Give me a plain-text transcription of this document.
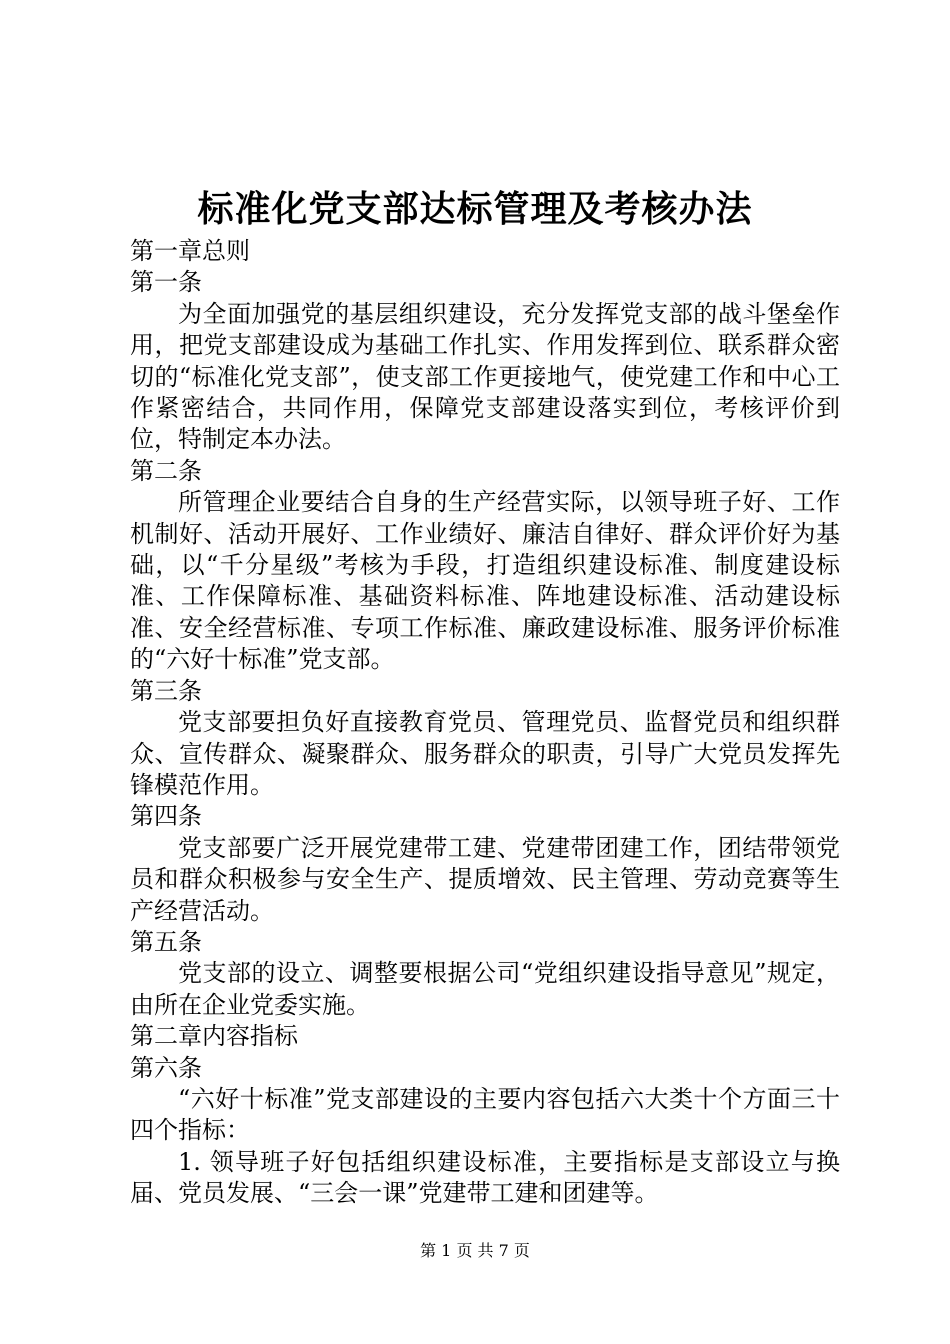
标准化党支部达标管理及考核办法

第一章总则

第一条

为全面加强党的基层组织建设，充分发挥党支部的战斗堡垒作用，把党支部建设成为基础工作扎实、作用发挥到位、联系群众密切的“标准化党支部”，使支部工作更接地气，使党建工作和中心工作紧密结合，共同作用，保障党支部建设落实到位，考核评价到位，特制定本办法。

第二条

所管理企业要结合自身的生产经营实际，以领导班子好、工作机制好、活动开展好、工作业绩好、廉洁自律好、群众评价好为基础，以“千分星级”考核为手段，打造组织建设标准、制度建设标准、工作保障标准、基础资料标准、阵地建设标准、活动建设标准、安全经营标准、专项工作标准、廉政建设标准、服务评价标准的“六好十标准”党支部。

第三条

党支部要担负好直接教育党员、管理党员、监督党员和组织群众、宣传群众、凝聚群众、服务群众的职责，引导广大党员发挥先锋模范作用。

第四条

党支部要广泛开展党建带工建、党建带团建工作，团结带领党员和群众积极参与安全生产、提质增效、民主管理、劳动竞赛等生产经营活动。

第五条

党支部的设立、调整要根据公司“党组织建设指导意见”规定，由所在企业党委实施。

第二章内容指标

第六条

“六好十标准”党支部建设的主要内容包括六大类十个方面三十四个指标：

1. 领导班子好包括组织建设标准，主要指标是支部设立与换届、党员发展、“三会一课”党建带工建和团建等。

第 1 页 共 7 页
